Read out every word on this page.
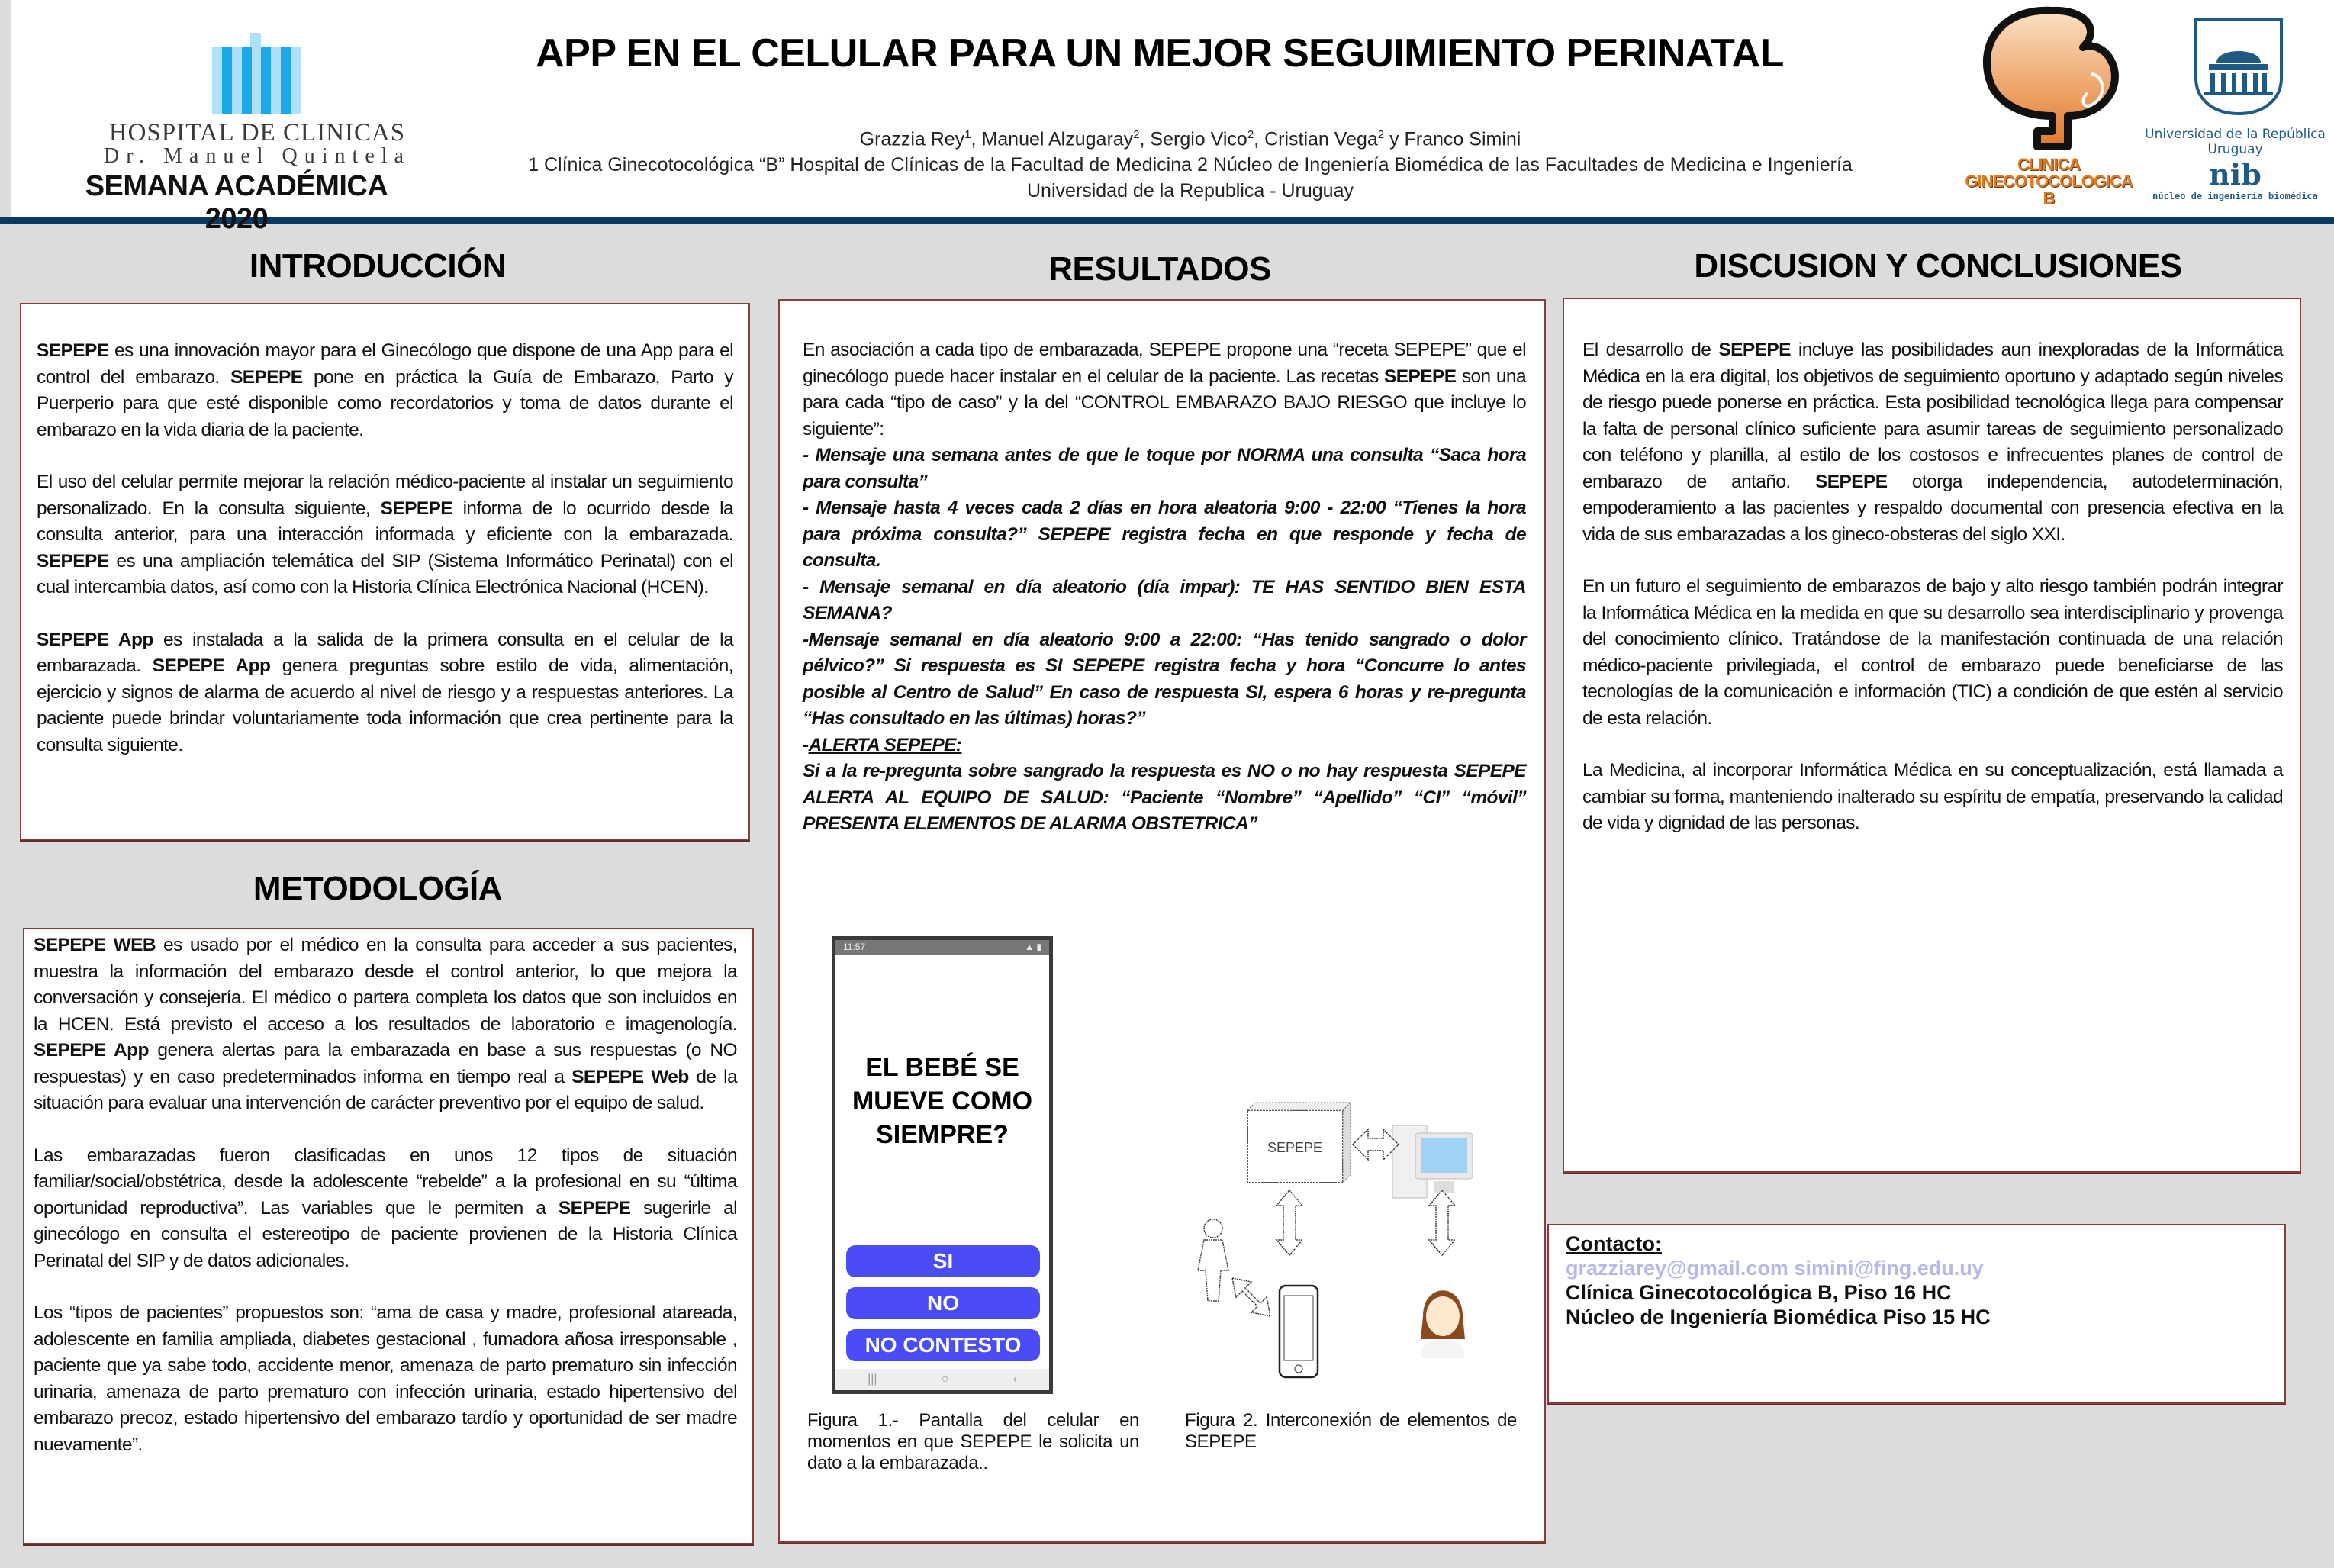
HOSPITAL DE CLINICAS
Dr. Manuel Quintela
SEMANA ACADÉMICA 2020
APP EN EL CELULAR PARA UN MEJOR SEGUIMIENTO PERINATAL
Grazzia Rey$^1$, Manuel Alzugaray$^2$, Sergio Vico$^2$, Cristian Vega$^2$ y Franco Simini
1 Clínica Ginecotocológica “B” Hospital de Clínicas de la Facultad de Medicina 2 Núcleo de Ingeniería Biomédica de las Facultades de Medicina e Ingeniería
Universidad de la Republica - Uruguay
CLINICA
GINECOTOCOLOGICA
B
Universidad de la República
Uruguay
nib
núcleo de ingeniería biomédica
INTRODUCCIÓN

SEPEPE es una innovación mayor para el Ginecólogo que dispone de una App para el control del embarazo. SEPEPE pone en práctica la Guía de Embarazo, Parto y Puerperio para que esté disponible como recordatorios y toma de datos durante el embarazo en la vida diaria de la paciente.

El uso del celular permite mejorar la relación médico-paciente al instalar un seguimiento personalizado. En la consulta siguiente, SEPEPE informa de lo ocurrido desde la consulta anterior, para una interacción informada y eficiente con la embarazada. SEPEPE es una ampliación telemática del SIP (Sistema Informático Perinatal) con el cual intercambia datos, así como con la Historia Clínica Electrónica Nacional (HCEN).

SEPEPE App es instalada a la salida de la primera consulta en el celular de la embarazada. SEPEPE App genera preguntas sobre estilo de vida, alimentación, ejercicio y signos de alarma de acuerdo al nivel de riesgo y a respuestas anteriores. La paciente puede brindar voluntariamente toda información que crea pertinente para la consulta siguiente.

METODOLOGÍA

SEPEPE WEB es usado por el médico en la consulta para acceder a sus pacientes, muestra la información del embarazo desde el control anterior, lo que mejora la conversación y consejería. El médico o partera completa los datos que son incluidos en la HCEN. Está previsto el acceso a los resultados de laboratorio e imagenología. SEPEPE App genera alertas para la embarazada en base a sus respuestas (o NO respuestas) y en caso predeterminados informa en tiempo real a SEPEPE Web de la situación para evaluar una intervención de carácter preventivo por el equipo de salud.

Las embarazadas fueron clasificadas en unos 12 tipos de situación familiar/social/obstétrica, desde la adolescente “rebelde” a la profesional en su “última oportunidad reproductiva”. Las variables que le permiten a SEPEPE sugerirle al ginecólogo en consulta el estereotipo de paciente provienen de la Historia Clínica Perinatal del SIP y de datos adicionales.

Los “tipos de pacientes” propuestos son: “ama de casa y madre, profesional atareada, adolescente en familia ampliada, diabetes gestacional , fumadora añosa irresponsable , paciente que ya sabe todo, accidente menor, amenaza de parto prematuro sin infección urinaria, amenaza de parto prematuro con infección urinaria, estado hipertensivo del embarazo precoz, estado hipertensivo del embarazo tardío y oportunidad de ser madre nuevamente”.

RESULTADOS
En asociación a cada tipo de embarazada, SEPEPE propone una “receta SEPEPE” que el ginecólogo puede hacer instalar en el celular de la paciente. Las recetas SEPEPE son una para cada “tipo de caso” y la del “CONTROL EMBARAZO BAJO RIESGO que incluye lo siguiente”:
- Mensaje una semana antes de que le toque por NORMA una consulta “Saca hora para consulta”
- Mensaje hasta 4 veces cada 2 días en hora aleatoria 9:00 - 22:00 “Tienes la hora para próxima consulta?” SEPEPE registra fecha en que responde y fecha de consulta.
- Mensaje semanal en día aleatorio (día impar): TE HAS SENTIDO BIEN ESTA SEMANA?
-Mensaje semanal en día aleatorio 9:00 a 22:00: “Has tenido sangrado o dolor pélvico?” Si respuesta es SI SEPEPE registra fecha y hora “Concurre lo antes posible al Centro de Salud” En caso de respuesta SI, espera 6 horas y re-pregunta “Has consultado en las últimas) horas?”
-ALERTA SEPEPE:
Si a la re-pregunta sobre sangrado la respuesta es NO o no hay respuesta SEPEPE ALERTA AL EQUIPO DE SALUD: “Paciente “Nombre” “Apellido” “CI” “móvil” PRESENTA ELEMENTOS DE ALARMA OBSTETRICA”
11:57	▲ ▮
EL BEBÉ SE MUEVE COMO SIEMPRE?
SI
NO
NO CONTESTO
|||	○	‹
SEPEPE
Figura 1.- Pantalla del celular en momentos en que SEPEPE le solicita un dato a la embarazada..
Figura 2. Interconexión de elementos de SEPEPE
DISCUSION Y CONCLUSIONES

El desarrollo de SEPEPE incluye las posibilidades aun inexploradas de la Informática Médica en la era digital, los objetivos de seguimiento oportuno y adaptado según niveles de riesgo puede ponerse en práctica. Esta posibilidad tecnológica llega para compensar la falta de personal clínico suficiente para asumir tareas de seguimiento personalizado con teléfono y planilla, al estilo de los costosos e infrecuentes planes de control de embarazo de antaño. SEPEPE otorga independencia, autodeterminación, empoderamiento a las pacientes y respaldo documental con presencia efectiva en la vida de sus embarazadas a los gineco-obsteras del siglo XXI.

En un futuro el seguimiento de embarazos de bajo y alto riesgo también podrán integrar la Informática Médica en la medida en que su desarrollo sea interdisciplinario y provenga del conocimiento clínico. Tratándose de la manifestación continuada de una relación médico-paciente privilegiada, el control de embarazo puede beneficiarse de las tecnologías de la comunicación e información (TIC) a condición de que estén al servicio de esta relación.

La Medicina, al incorporar Informática Médica en su conceptualización, está llamada a cambiar su forma, manteniendo inalterado su espíritu de empatía, preservando la calidad de vida y dignidad de las personas.

Contacto:
grazziarey@gmail.com simini@fing.edu.uy
Clínica Ginecotocológica B, Piso 16 HC
Núcleo de Ingeniería Biomédica Piso 15 HC
